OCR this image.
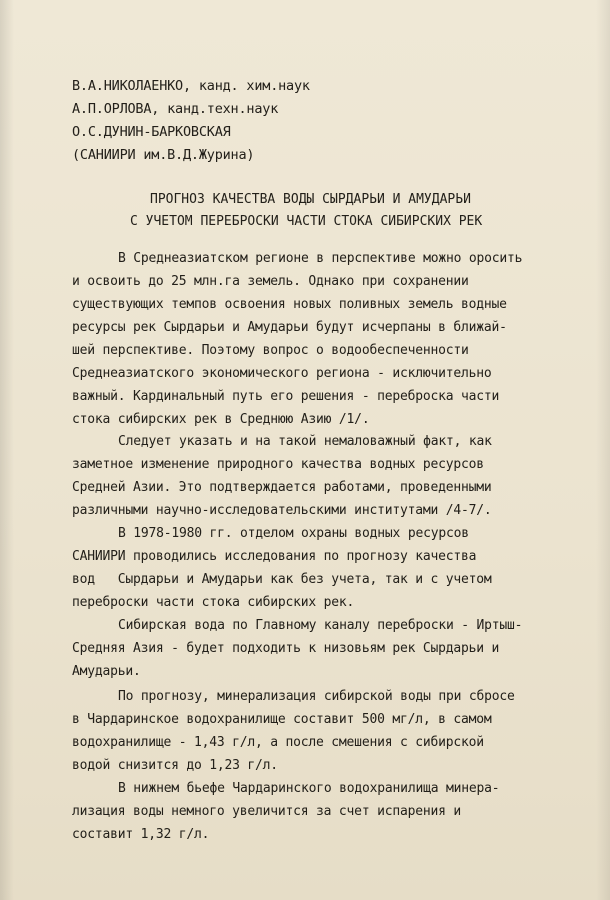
В.А.НИКОЛАЕНКО, канд. хим.наук
А.П.ОРЛОВА, канд.техн.наук
О.С.ДУНИН-БАРКОВСКАЯ
(САНИИРИ им.В.Д.Журина)
ПРОГНОЗ КАЧЕСТВА ВОДЫ СЫРДАРЬИ И АМУДАРЬИ
С УЧЕТОМ ПЕРЕБРОСКИ ЧАСТИ СТОКА СИБИРСКИХ РЕК
В Среднеазиатском регионе в перспективе можно оросить
и освоить до 25 млн.га земель. Однако при сохранении
существующих темпов освоения новых поливных земель водные
ресурсы рек Сырдарьи и Амударьи будут исчерпаны в ближай-
шей перспективе. Поэтому вопрос о водообеспеченности
Среднеазиатского экономического региона - исключительно
важный. Кардинальный путь его решения - переброска части
стока сибирских рек в Среднюю Азию /1/.
Следует указать и на такой немаловажный факт, как
заметное изменение природного качества водных ресурсов
Средней Азии. Это подтверждается работами, проведенными
различными научно-исследовательскими институтами /4-7/.
В 1978-1980 гг. отделом охраны водных ресурсов
САНИИРИ проводились исследования по прогнозу качества
вод   Сырдарьи и Амударьи как без учета, так и с учетом
переброски части стока сибирских рек.
Сибирская вода по Главному каналу переброски - Иртыш-
Средняя Азия - будет подходить к низовьям рек Сырдарьи и
Амударьи.
По прогнозу, минерализация сибирской воды при сбросе
в Чардаринское водохранилище составит 500 мг/л, в самом
водохранилище - 1,43 г/л, а после смешения с сибирской
водой снизится до 1,23 г/л.
В нижнем бьефе Чардаринского водохранилища минера-
лизация воды немного увеличится за счет испарения и
составит 1,32 г/л.
